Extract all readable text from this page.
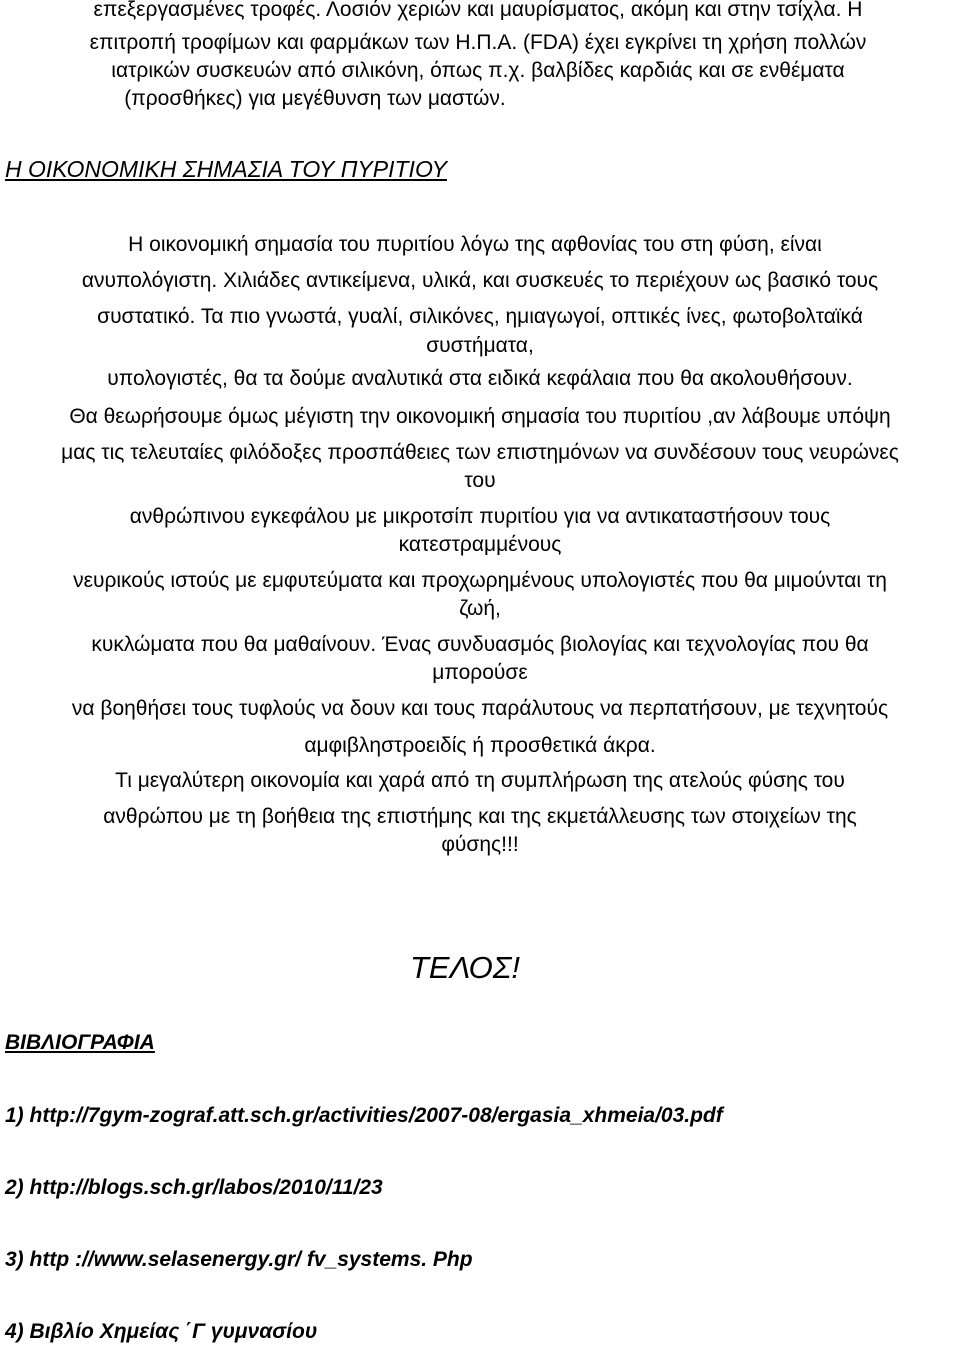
επεξεργασμένες τροφές. Λοσιόν χεριών και μαυρίσματος, ακόμη και στην τσίχλα. Η
επιτροπή τροφίμων και φαρμάκων των Η.Π.Α. (FDA) έχει εγκρίνει τη χρήση πολλών
ιατρικών συσκευών από σιλικόνη, όπως π.χ. βαλβίδες καρδιάς και σε ενθέματα
(προσθήκες) για μεγέθυνση των μαστών.
Η ΟΙΚΟΝΟΜΙΚΗ ΣΗΜΑΣΙΑ ΤΟΥ ΠΥΡΙΤΙΟΥ
Η οικονομική σημασία του πυριτίου λόγω της αφθονίας του στη φύση, είναι
ανυπολόγιστη. Χιλιάδες αντικείμενα, υλικά, και συσκευές το περιέχουν ως βασικό τους
συστατικό. Τα πιο γνωστά, γυαλί, σιλικόνες, ημιαγωγοί, οπτικές ίνες, φωτοβολταϊκά
συστήματα,
υπολογιστές, θα τα δούμε αναλυτικά στα ειδικά κεφάλαια που θα ακολουθήσουν.
Θα θεωρήσουμε όμως μέγιστη την οικονομική σημασία του πυριτίου ,αν λάβουμε υπόψη
μας τις τελευταίες φιλόδοξες προσπάθειες των επιστημόνων να συνδέσουν τους νευρώνες
του
ανθρώπινου εγκεφάλου με μικροτσίπ πυριτίου για να αντικαταστήσουν τους
κατεστραμμένους
νευρικούς ιστούς με εμφυτεύματα και προχωρημένους υπολογιστές που θα μιμούνται τη
ζωή,
κυκλώματα που θα μαθαίνουν. Ένας συνδυασμός βιολογίας και τεχνολογίας που θα
μπορούσε
να βοηθήσει τους τυφλούς να δουν και τους παράλυτους να περπατήσουν, με τεχνητούς
αμφιβληστροειδίς ή προσθετικά άκρα.
Τι μεγαλύτερη οικονομία και χαρά από τη συμπλήρωση της ατελούς φύσης του
ανθρώπου με τη βοήθεια της επιστήμης και της εκμετάλλευσης των στοιχείων της
φύσης!!!
ΤΕΛΟΣ!
ΒΙΒΛΙΟΓΡΑΦΙΑ
1) http://7gym-zograf.att.sch.gr/activities/2007-08/ergasia_xhmeia/03.pdf
2) http://blogs.sch.gr/labos/2010/11/23
3) http ://www.selasenergy.gr/ fv_systems. Php
4) Βιβλίο Χημείας ΄Γ γυμνασίου
